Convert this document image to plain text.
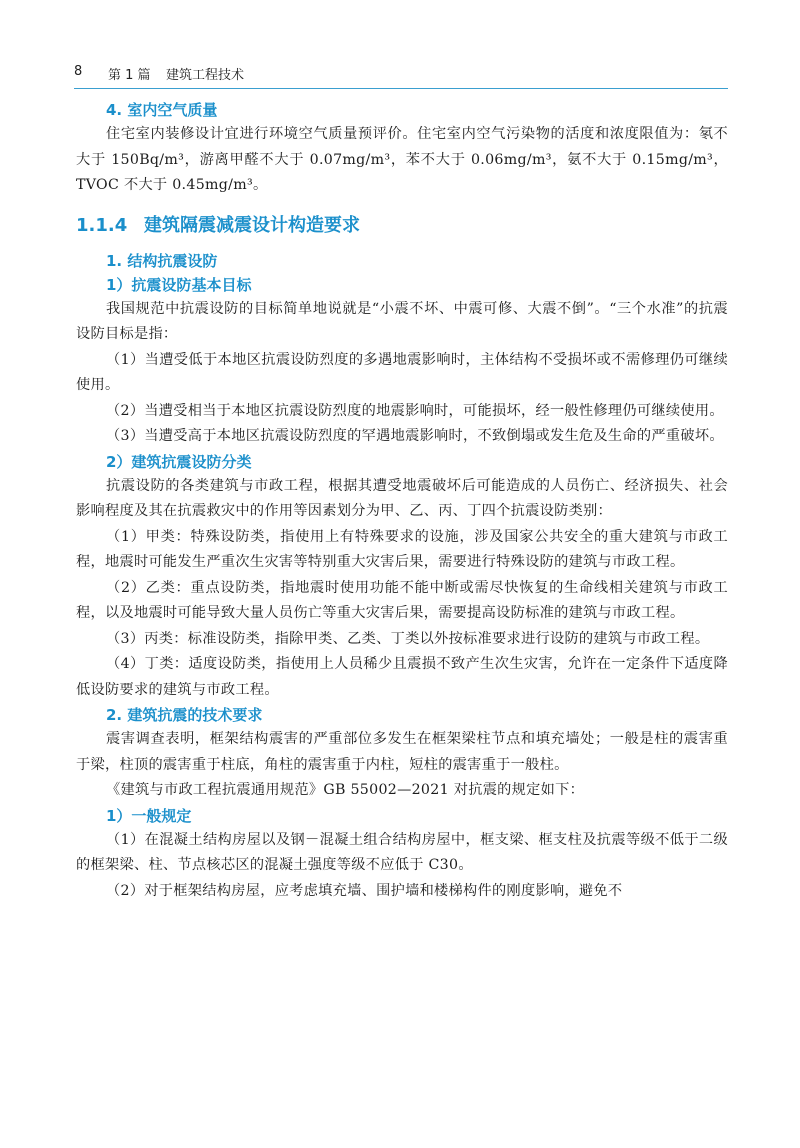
8 第 1 篇 建筑工程技术
4. 室内空气质量

住宅室内装修设计宜进行环境空气质量预评价。住宅室内空气污染物的活度和浓度限值为：氡不大于 150Bq/m³，游离甲醛不大于 0.07mg/m³，苯不大于 0.06mg/m³，氨不大于 0.15mg/m³，TVOC 不大于 0.45mg/m³。

1.1.4 建筑隔震减震设计构造要求
1. 结构抗震设防
1）抗震设防基本目标

我国规范中抗震设防的目标简单地说就是“小震不坏、中震可修、大震不倒”。“三个水准”的抗震设防目标是指：

（1）当遭受低于本地区抗震设防烈度的多遇地震影响时，主体结构不受损坏或不需修理仍可继续使用。

（2）当遭受相当于本地区抗震设防烈度的地震影响时，可能损坏，经一般性修理仍可继续使用。

（3）当遭受高于本地区抗震设防烈度的罕遇地震影响时，不致倒塌或发生危及生命的严重破坏。

2）建筑抗震设防分类

抗震设防的各类建筑与市政工程，根据其遭受地震破坏后可能造成的人员伤亡、经济损失、社会影响程度及其在抗震救灾中的作用等因素划分为甲、乙、丙、丁四个抗震设防类别：

（1）甲类：特殊设防类，指使用上有特殊要求的设施，涉及国家公共安全的重大建筑与市政工程，地震时可能发生严重次生灾害等特别重大灾害后果，需要进行特殊设防的建筑与市政工程。

（2）乙类：重点设防类，指地震时使用功能不能中断或需尽快恢复的生命线相关建筑与市政工程，以及地震时可能导致大量人员伤亡等重大灾害后果，需要提高设防标准的建筑与市政工程。

（3）丙类：标准设防类，指除甲类、乙类、丁类以外按标准要求进行设防的建筑与市政工程。

（4）丁类：适度设防类，指使用上人员稀少且震损不致产生次生灾害，允许在一定条件下适度降低设防要求的建筑与市政工程。

2. 建筑抗震的技术要求

震害调查表明，框架结构震害的严重部位多发生在框架梁柱节点和填充墙处；一般是柱的震害重于梁，柱顶的震害重于柱底，角柱的震害重于内柱，短柱的震害重于一般柱。

《建筑与市政工程抗震通用规范》GB 55002—2021 对抗震的规定如下：

1）一般规定

（1）在混凝土结构房屋以及钢－混凝土组合结构房屋中，框支梁、框支柱及抗震等级不低于二级的框架梁、柱、节点核芯区的混凝土强度等级不应低于 C30。

（2）对于框架结构房屋，应考虑填充墙、围护墙和楼梯构件的刚度影响，避免不
